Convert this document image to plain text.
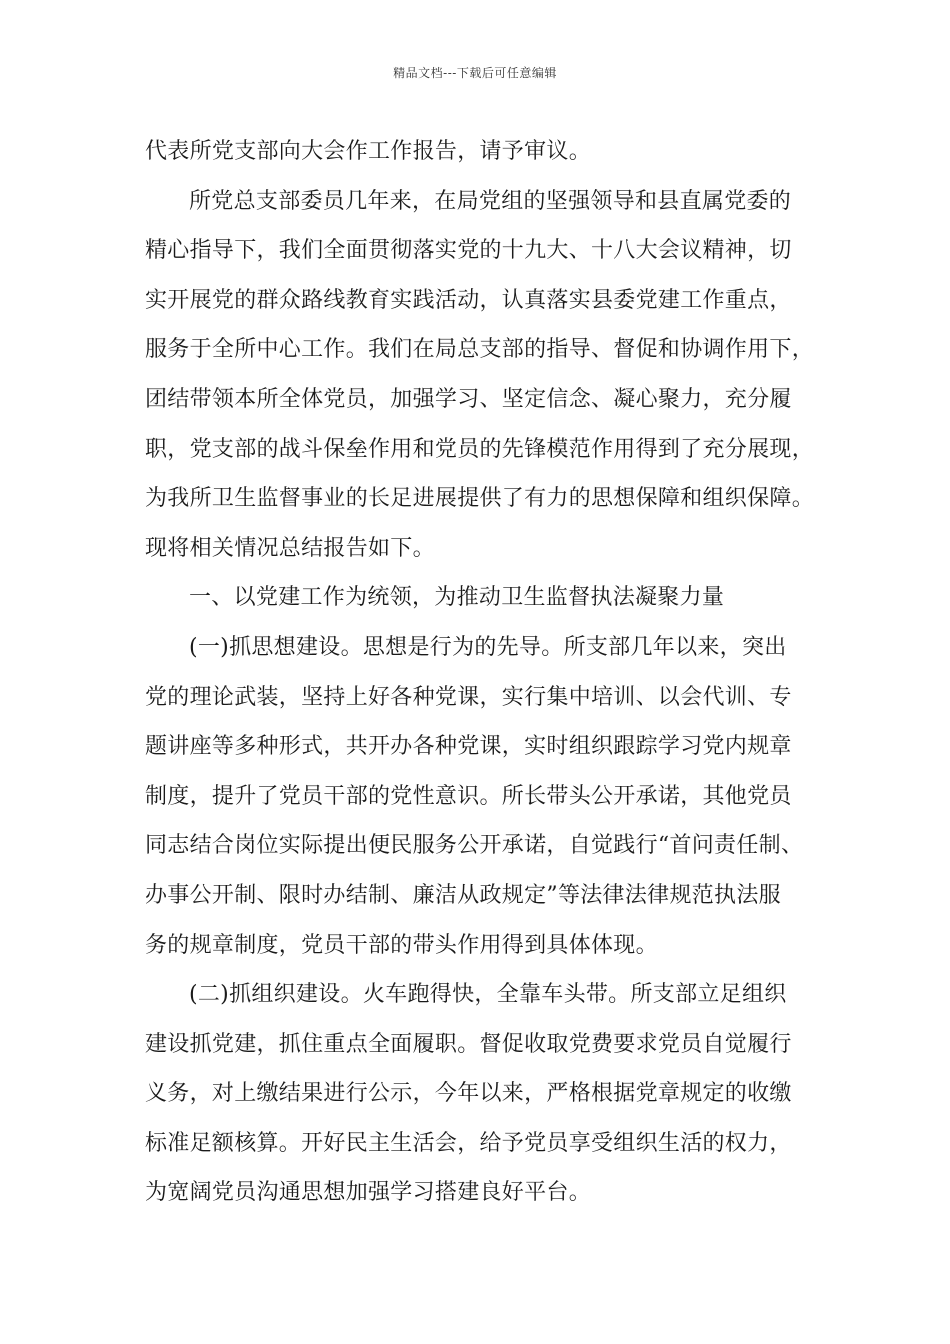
精品文档---下载后可任意编辑
代表所党支部向大会作工作报告，请予审议。
所党总支部委员几年来，在局党组的坚强领导和县直属党委的
精心指导下，我们全面贯彻落实党的十九大、十八大会议精神，切
实开展党的群众路线教育实践活动，认真落实县委党建工作重点，
服务于全所中心工作。我们在局总支部的指导、督促和协调作用下，
团结带领本所全体党员，加强学习、坚定信念、凝心聚力，充分履
职，党支部的战斗保垒作用和党员的先锋模范作用得到了充分展现，
为我所卫生监督事业的长足进展提供了有力的思想保障和组织保障。
现将相关情况总结报告如下。
一、以党建工作为统领，为推动卫生监督执法凝聚力量
(一)抓思想建设。思想是行为的先导。所支部几年以来，突出
党的理论武装，坚持上好各种党课，实行集中培训、以会代训、专
题讲座等多种形式，共开办各种党课，实时组织跟踪学习党内规章
制度，提升了党员干部的党性意识。所长带头公开承诺，其他党员
同志结合岗位实际提出便民服务公开承诺，自觉践行“首问责任制、
办事公开制、限时办结制、廉洁从政规定”等法律法律规范执法服
务的规章制度，党员干部的带头作用得到具体体现。
(二)抓组织建设。火车跑得快，全靠车头带。所支部立足组织
建设抓党建，抓住重点全面履职。督促收取党费要求党员自觉履行
义务，对上缴结果进行公示，今年以来，严格根据党章规定的收缴
标准足额核算。开好民主生活会，给予党员享受组织生活的权力，
为宽阔党员沟通思想加强学习搭建良好平台。
